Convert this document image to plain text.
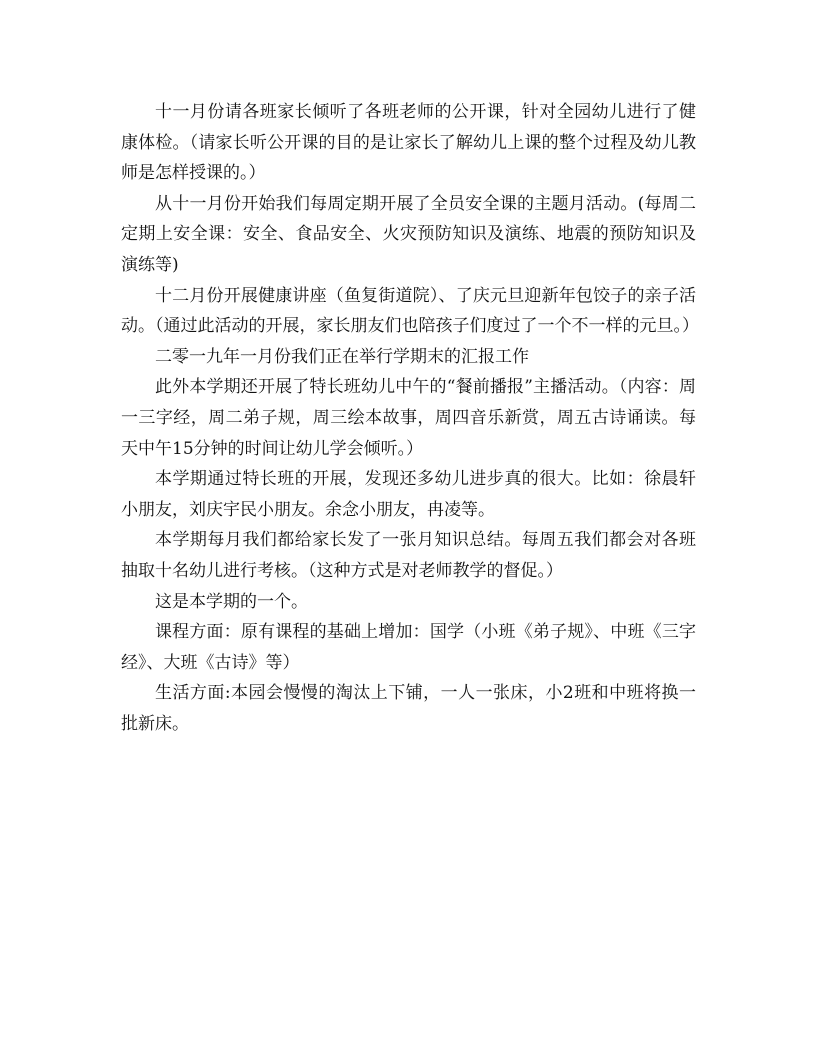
十一月份请各班家长倾听了各班老师的公开课，针对全园幼儿进行了健康体检。（请家长听公开课的目的是让家长了解幼儿上课的整个过程及幼儿教师是怎样授课的。）

从十一月份开始我们每周定期开展了全员安全课的主题月活动。(每周二定期上安全课：安全、食品安全、火灾预防知识及演练、地震的预防知识及演练等)

十二月份开展健康讲座（鱼复街道院）、了庆元旦迎新年包饺子的亲子活动。（通过此活动的开展，家长朋友们也陪孩子们度过了一个不一样的元旦。）

二零一九年一月份我们正在举行学期末的汇报工作

此外本学期还开展了特长班幼儿中午的“餐前播报”主播活动。（内容：周一三字经，周二弟子规，周三绘本故事，周四音乐新赏，周五古诗诵读。每天中午15分钟的时间让幼儿学会倾听。）

本学期通过特长班的开展，发现还多幼儿进步真的很大。比如：徐晨轩小朋友，刘庆宇民小朋友。余念小朋友，冉凌等。

本学期每月我们都给家长发了一张月知识总结。每周五我们都会对各班抽取十名幼儿进行考核。（这种方式是对老师教学的督促。）

这是本学期的一个。

课程方面：原有课程的基础上增加：国学（小班《弟子规》、中班《三字经》、大班《古诗》等）

生活方面:本园会慢慢的淘汰上下铺，一人一张床，小2班和中班将换一批新床。
